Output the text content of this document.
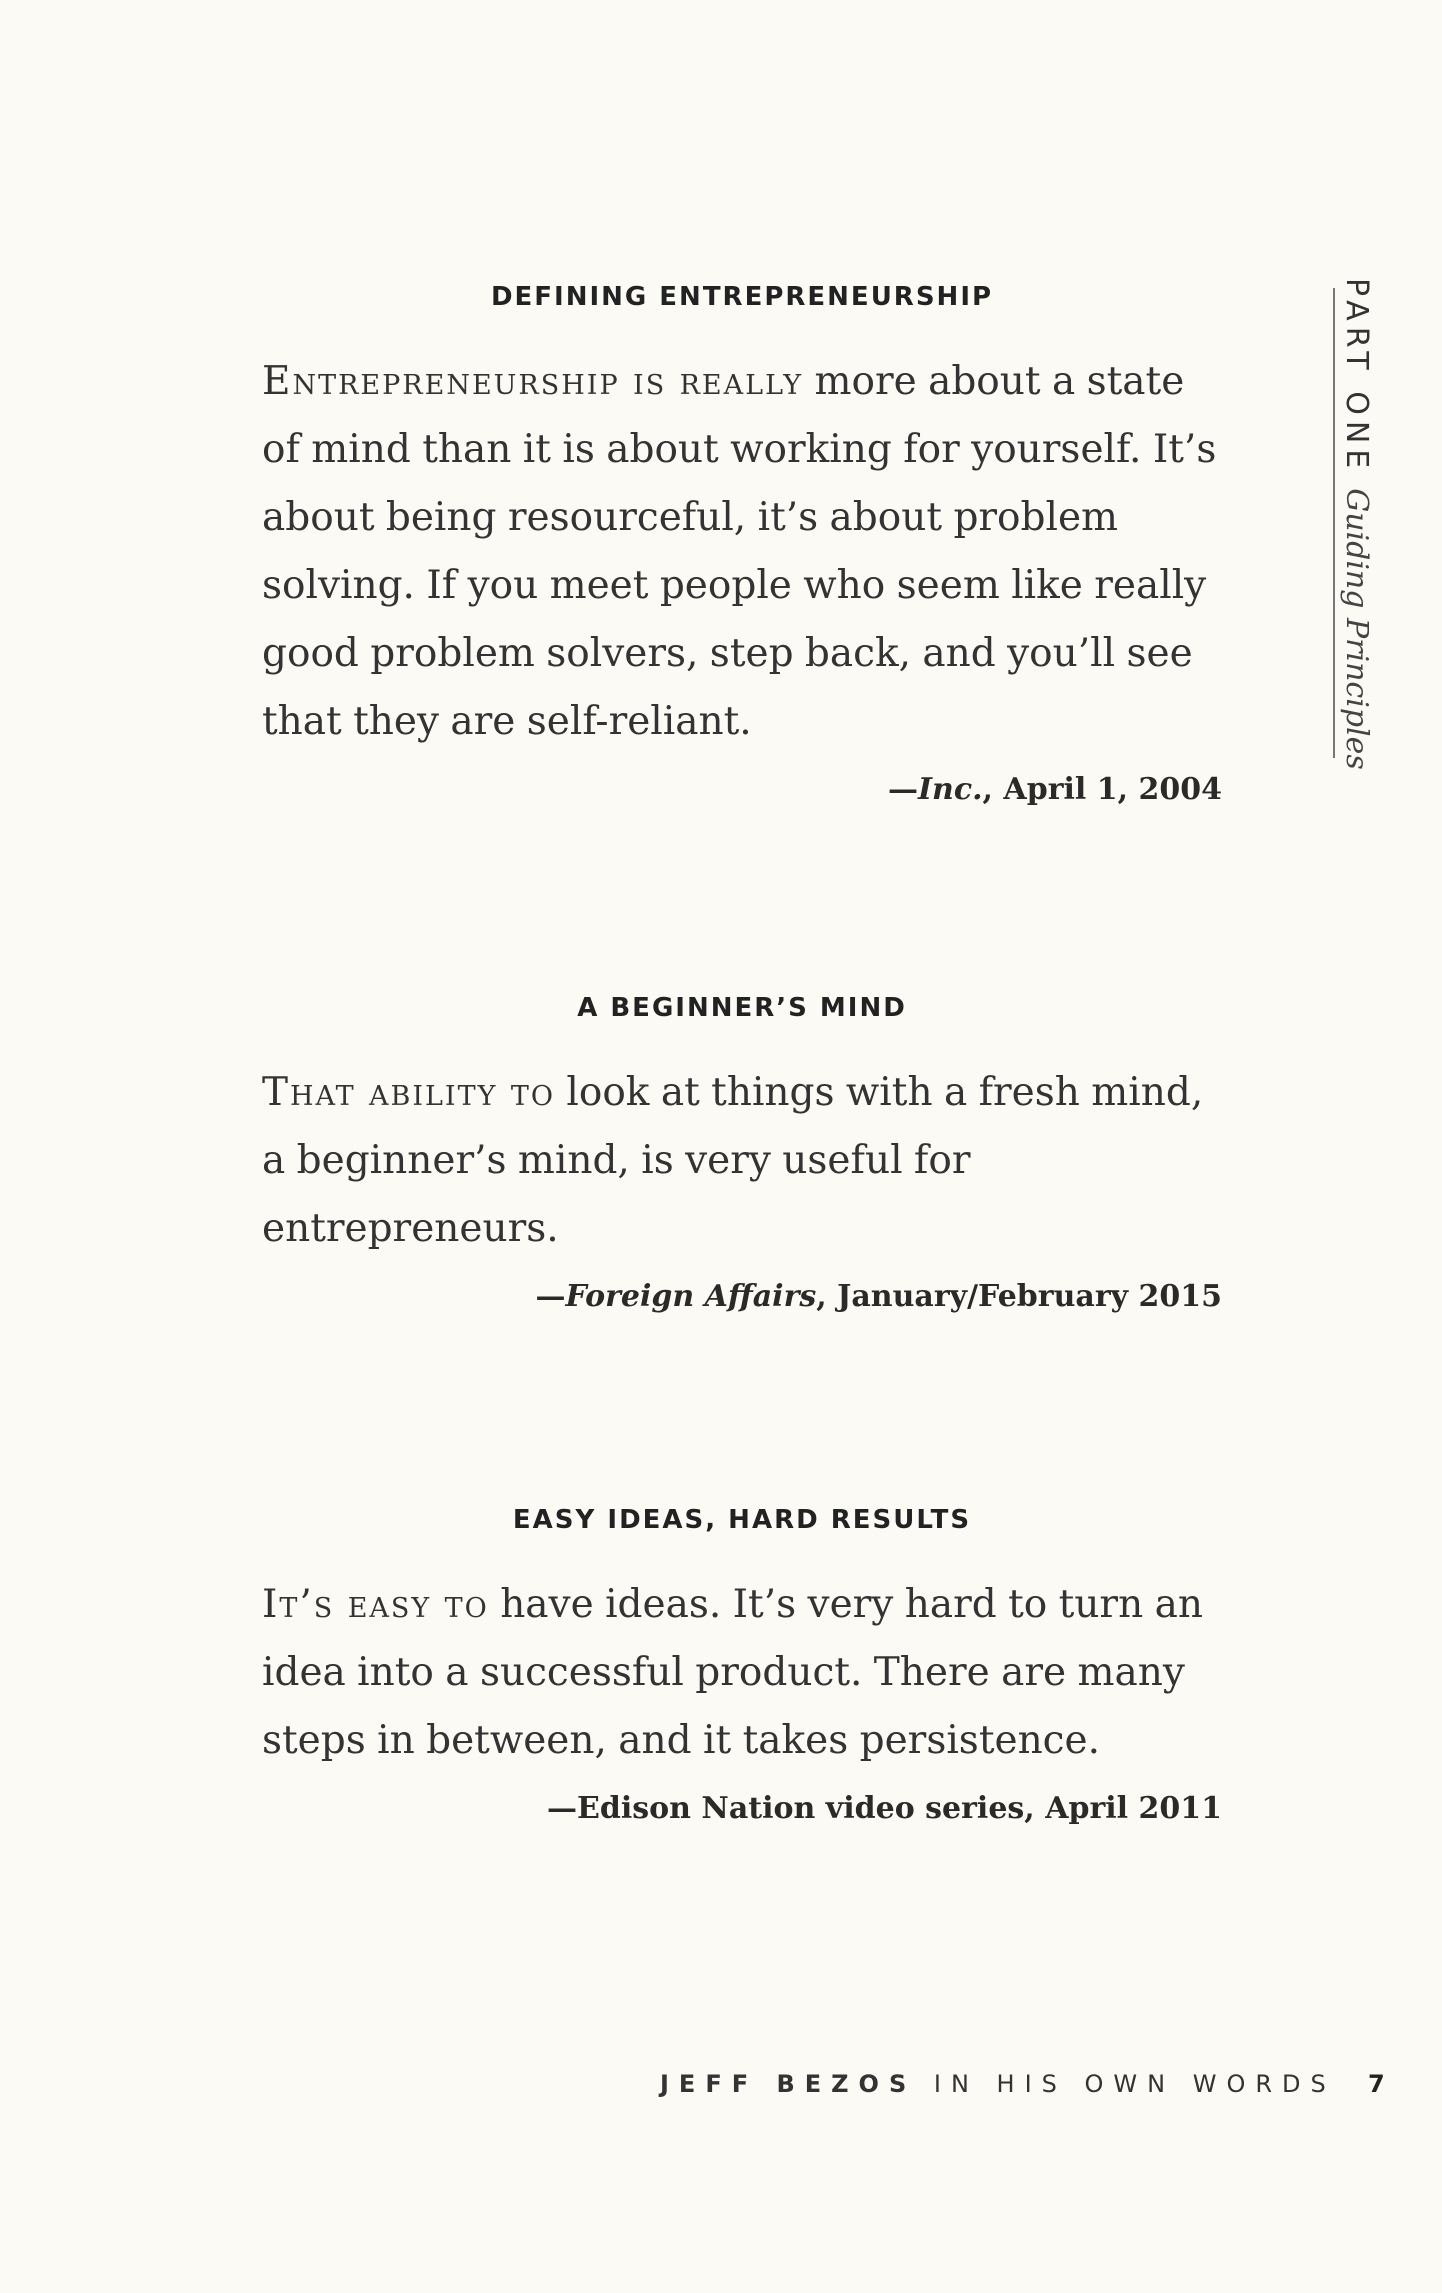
PART ONEGuiding Principles
DEFINING ENTREPRENEURSHIP
Entrepreneurship is really more about a state of mind than it is about working for yourself. It’s about being resourceful, it’s about problem solving. If you meet people who seem like really good problem solvers, step back, and you’ll see that they are self-reliant.
—Inc., April 1, 2004
A BEGINNER’S MIND
That ability to look at things with a fresh mind, a beginner’s mind, is very useful for entrepreneurs.
—Foreign Affairs, January/February 2015
EASY IDEAS, HARD RESULTS
It’s easy to have ideas. It’s very hard to turn an idea into a successful product. There are many steps in between, and it takes persistence.
—Edison Nation video series, April 2011
JEFF BEZOS IN HIS OWN WORDS	7
